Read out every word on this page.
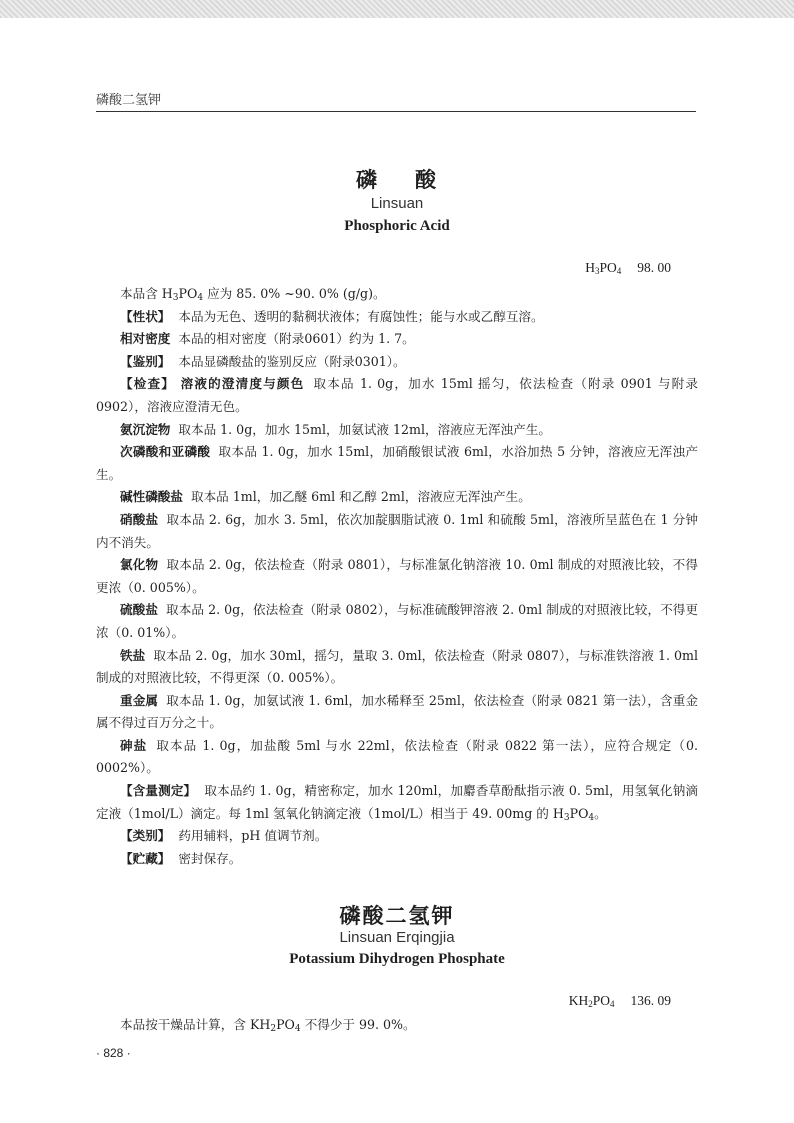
磷酸二氢钾
磷 酸
Linsuan
Phosphoric Acid
$H_3PO_4$ 98. 00

本品含 $H_3PO_4$ 应为 85. 0% ~90. 0% (g/g)。

【性状】 本品为无色、透明的黏稠状液体；有腐蚀性；能与水或乙醇互溶。

相对密度 本品的相对密度（附录0601）约为 1. 7。

【鉴别】 本品显磷酸盐的鉴别反应（附录0301）。

【检查】 溶液的澄清度与颜色 取本品 1. 0g，加水 15ml 摇匀，依法检查（附录 0901 与附录 0902），溶液应澄清无色。

氨沉淀物 取本品 1. 0g，加水 15ml，加氨试液 12ml，溶液应无浑浊产生。

次磷酸和亚磷酸 取本品 1. 0g，加水 15ml，加硝酸银试液 6ml，水浴加热 5 分钟，溶液应无浑浊产生。

碱性磷酸盐 取本品 1ml，加乙醚 6ml 和乙醇 2ml，溶液应无浑浊产生。

硝酸盐 取本品 2. 6g，加水 3. 5ml，依次加靛胭脂试液 0. 1ml 和硫酸 5ml，溶液所呈蓝色在 1 分钟内不消失。

氯化物 取本品 2. 0g，依法检查（附录 0801），与标准氯化钠溶液 10. 0ml 制成的对照液比较，不得更浓（0. 005%）。

硫酸盐 取本品 2. 0g，依法检查（附录 0802），与标准硫酸钾溶液 2. 0ml 制成的对照液比较，不得更浓（0. 01%）。

铁盐 取本品 2. 0g，加水 30ml，摇匀，量取 3. 0ml，依法检查（附录 0807），与标准铁溶液 1. 0ml 制成的对照液比较，不得更深（0. 005%）。

重金属 取本品 1. 0g，加氨试液 1. 6ml，加水稀释至 25ml，依法检查（附录 0821 第一法），含重金属不得过百万分之十。

砷盐 取本品 1. 0g，加盐酸 5ml 与水 22ml，依法检查（附录 0822 第一法），应符合规定（0. 0002%）。

【含量测定】 取本品约 1. 0g，精密称定，加水 120ml，加麝香草酚酞指示液 0. 5ml，用氢氧化钠滴定液（1mol/L）滴定。每 1ml 氢氧化钠滴定液（1mol/L）相当于 49. 00mg 的 $H_3PO_4$。

【类别】 药用辅料，pH 值调节剂。

【贮藏】 密封保存。

磷酸二氢钾
Linsuan Erqingjia
Potassium Dihydrogen Phosphate
$KH_2PO_4$ 136. 09

本品按干燥品计算，含 $KH_2PO_4$ 不得少于 99. 0%。

· 828 ·
